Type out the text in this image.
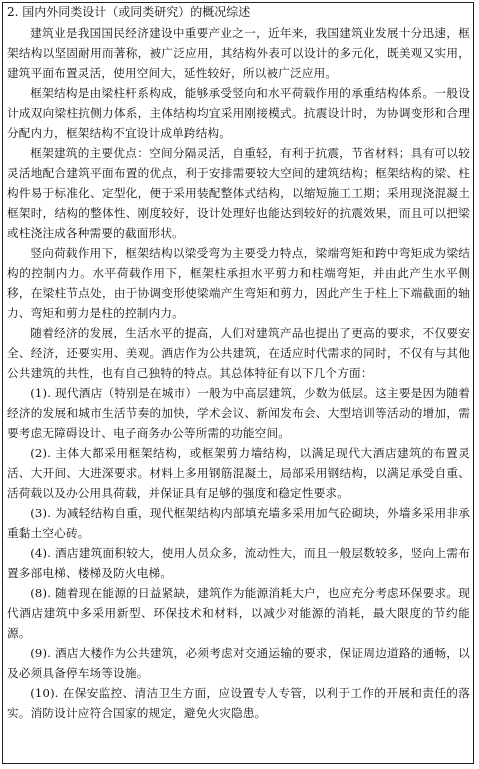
2. 国内外同类设计（或同类研究）的概况综述

建筑业是我国国民经济建设中重要产业之一，近年来，我国建筑业发展十分迅速，框架结构以坚固耐用而著称，被广泛应用，其结构外表可以设计的多元化，既美观又实用，建筑平面布置灵活，使用空间大，延性较好，所以被广泛应用。

框架结构是由梁柱杆系构成，能够承受竖向和水平荷载作用的承重结构体系。一般设计成双向梁柱抗侧力体系，主体结构均宜采用刚接模式。抗震设计时，为协调变形和合理分配内力，框架结构不宜设计成单跨结构。

框架建筑的主要优点：空间分隔灵活，自重轻，有利于抗震，节省材料；具有可以较灵活地配合建筑平面布置的优点，利于安排需要较大空间的建筑结构；框架结构的梁、柱构件易于标准化、定型化，便于采用装配整体式结构，以缩短施工工期；采用现浇混凝土框架时，结构的整体性、刚度较好，设计处理好也能达到较好的抗震效果，而且可以把梁或柱浇注成各种需要的截面形状。

竖向荷载作用下，框架结构以梁受弯为主要受力特点，梁端弯矩和跨中弯矩成为梁结构的控制内力。水平荷载作用下，框架柱承担水平剪力和柱端弯矩，并由此产生水平侧移，在梁柱节点处，由于协调变形使梁端产生弯矩和剪力，因此产生于柱上下端截面的轴力、弯矩和剪力是柱的控制内力。

随着经济的发展，生活水平的提高，人们对建筑产品也提出了更高的要求，不仅要安全、经济，还要实用、美观。酒店作为公共建筑，在适应时代需求的同时，不仅有与其他公共建筑的共性，也有自己独特的特点。其总体特征有以下几个方面：

(1). 现代酒店（特别是在城市）一般为中高层建筑，少数为低层。这主要是因为随着经济的发展和城市生活节奏的加快，学术会议、新闻发布会、大型培训等活动的增加，需要考虑无障碍设计、电子商务办公等所需的功能空间。

(2). 主体大都采用框架结构，或框架剪力墙结构，以满足现代大酒店建筑的布置灵活、大开间、大进深要求。材料上多用钢筋混凝土，局部采用钢结构，以满足承受自重、活荷载以及办公用具荷载，并保证具有足够的强度和稳定性要求。

(3). 为减轻结构自重，现代框架结构内部填充墙多采用加气砼砌块，外墙多采用非承重黏土空心砖。

(4). 酒店建筑面积较大，使用人员众多，流动性大，而且一般层数较多，竖向上需布置多部电梯、楼梯及防火电梯。

(8). 随着现在能源的日益紧缺，建筑作为能源消耗大户，也应充分考虑环保要求。现代酒店建筑中多采用新型、环保技术和材料，以减少对能源的消耗，最大限度的节约能源。

(9). 酒店大楼作为公共建筑，必须考虑对交通运输的要求，保证周边道路的通畅，以及必须具备停车场等设施。

(10). 在保安监控、清洁卫生方面，应设置专人专管，以利于工作的开展和责任的落实。消防设计应符合国家的规定，避免火灾隐患。
